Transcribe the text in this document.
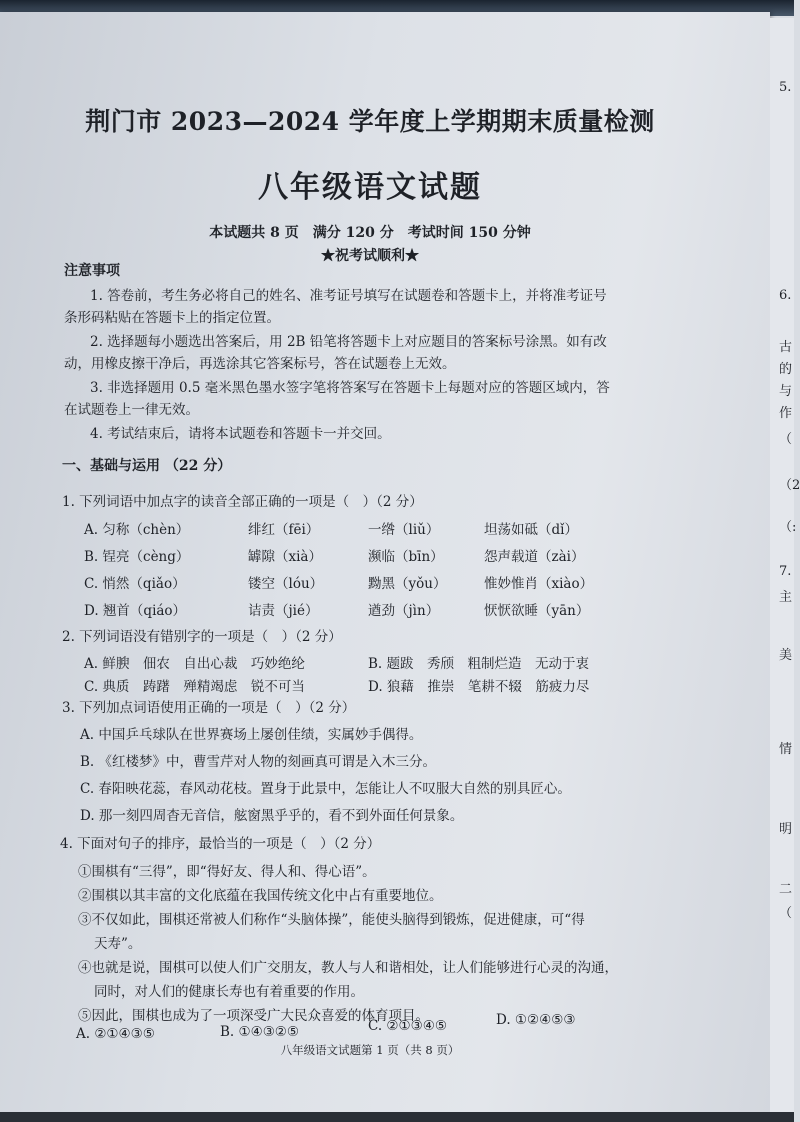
荆门市 2023—2024 学年度上学期期末质量检测
八年级语文试题
本试题共 8 页　满分 120 分　考试时间 150 分钟
★祝考试顺利★
注意事项
1. 答卷前，考生务必将自己的姓名、准考证号填写在试题卷和答题卡上，并将准考证号
条形码粘贴在答题卡上的指定位置。
2. 选择题每小题选出答案后，用 2B 铅笔将答题卡上对应题目的答案标号涂黑。如有改
动，用橡皮擦干净后，再选涂其它答案标号，答在试题卷上无效。
3. 非选择题用 0.5 毫米黑色墨水签字笔将答案写在答题卡上每题对应的答题区域内，答
在试题卷上一律无效。
4. 考试结束后，请将本试题卷和答题卡一并交回。
一、基础与运用 （22 分）
1. 下列词语中加点字的读音全部正确的一项是（　）（2 分）
A. 匀称（chèn）	绯红（fēi）	一绺（liǔ）	坦荡如砥（dǐ）
B. 锃亮（cèng）	罅隙（xià）	濒临（bīn）	怨声载道（zài）
C. 悄然（qiǎo）	镂空（lóu）	黝黑（yǒu）	惟妙惟肖（xiào）
D. 翘首（qiáo）	诘责（jié）	遒劲（jìn）	恹恹欲睡（yān）
2. 下列词语没有错别字的一项是（　）（2 分）
A. 鲜腴　佃农　自出心裁　巧妙绝纶	B. 题跋　秀颀　粗制烂造　无动于衷
C. 典质　踌躇　殚精竭虑　锐不可当	D. 狼藉　推崇　笔耕不辍　筋疲力尽
3. 下列加点词语使用正确的一项是（　）（2 分）
A. 中国乒乓球队在世界赛场上屡创佳绩，实属妙手偶得。
B. 《红楼梦》中，曹雪芹对人物的刻画真可谓是入木三分。
C. 春阳映花蕊，春风动花枝。置身于此景中，怎能让人不叹服大自然的别具匠心。
D. 那一刻四周杳无音信，舷窗黑乎乎的，看不到外面任何景象。
4. 下面对句子的排序，最恰当的一项是（　）（2 分）
①围棋有“三得”，即“得好友、得人和、得心语”。
②围棋以其丰富的文化底蕴在我国传统文化中占有重要地位。
③不仅如此，围棋还常被人们称作“头脑体操”，能使头脑得到锻炼，促进健康，可“得
天寿”。
④也就是说，围棋可以使人们广交朋友，教人与人和谐相处，让人们能够进行心灵的沟通，
同时，对人们的健康长寿也有着重要的作用。
⑤因此，围棋也成为了一项深受广大民众喜爱的体育项目。
A. ②①④③⑤	B. ①④③②⑤	C. ②①③④⑤	D. ①②④⑤③
八年级语文试题第 1 页（共 8 页）
5.
6.
古
的
与
作
（
（2
（:
7.
主
美
情
明
二
（
